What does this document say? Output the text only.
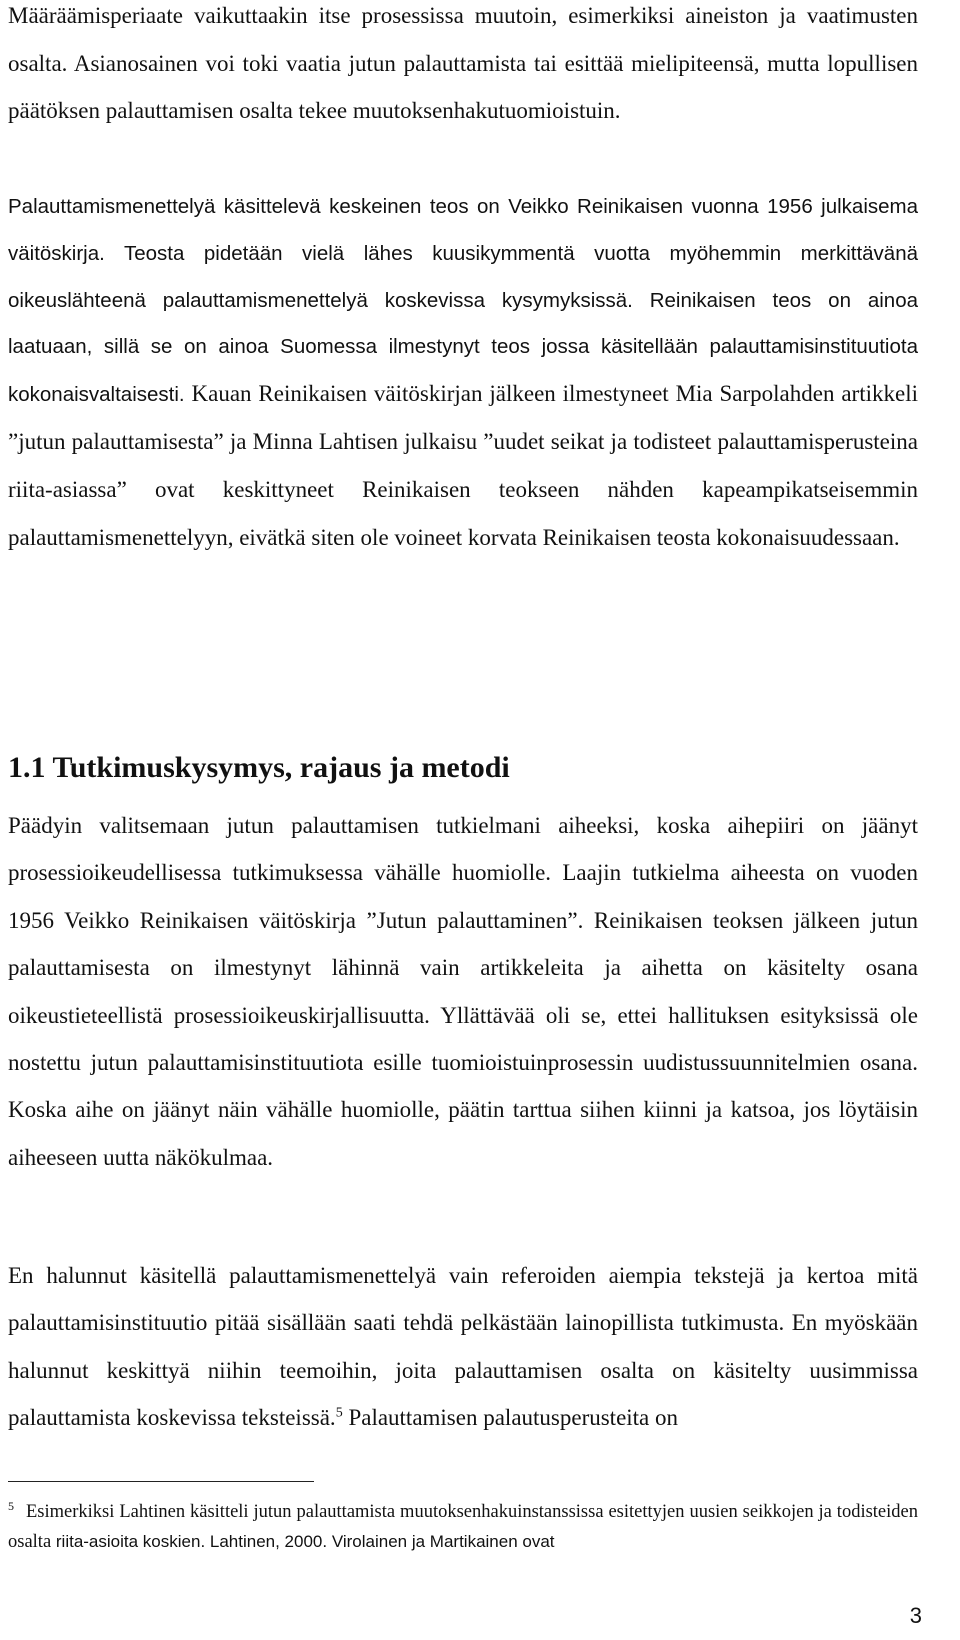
Määräämisperiaate vaikuttaakin itse prosessissa muutoin, esimerkiksi aineiston ja vaatimusten osalta. Asianosainen voi toki vaatia jutun palauttamista tai esittää mielipiteensä, mutta lopullisen päätöksen palauttamisen osalta tekee muutoksenhakutuomioistuin.

Palauttamismenettelyä käsittelevä keskeinen teos on Veikko Reinikaisen vuonna 1956 julkaisema väitöskirja. Teosta pidetään vielä lähes kuusikymmentä vuotta myöhemmin merkittävänä oikeuslähteenä palauttamismenettelyä koskevissa kysymyksissä. Reinikaisen teos on ainoa laatuaan, sillä se on ainoa Suomessa ilmestynyt teos jossa käsitellään palauttamisinstituutiota kokonaisvaltaisesti. Kauan Reinikaisen väitöskirjan jälkeen ilmestyneet Mia Sarpolahden artikkeli ”jutun palauttamisesta” ja Minna Lahtisen julkaisu ”uudet seikat ja todisteet palauttamisperusteina riita-asiassa” ovat keskittyneet Reinikaisen teokseen nähden kapeampikatseisemmin palauttamismenettelyyn, eivätkä siten ole voineet korvata Reinikaisen teosta kokonaisuudessaan.

1.1 Tutkimuskysymys, rajaus ja metodi

Päädyin valitsemaan jutun palauttamisen tutkielmani aiheeksi, koska aihepiiri on jäänyt prosessioikeudellisessa tutkimuksessa vähälle huomiolle. Laajin tutkielma aiheesta on vuoden 1956 Veikko Reinikaisen väitöskirja ”Jutun palauttaminen”. Reinikaisen teoksen jälkeen jutun palauttamisesta on ilmestynyt lähinnä vain artikkeleita ja aihetta on käsitelty osana oikeustieteellistä prosessioikeuskirjallisuutta. Yllättävää oli se, ettei hallituksen esityksissä ole nostettu jutun palauttamisinstituutiota esille tuomioistuinprosessin uudistussuunnitelmien osana. Koska aihe on jäänyt näin vähälle huomiolle, päätin tarttua siihen kiinni ja katsoa, jos löytäisin aiheeseen uutta näkökulmaa.

En halunnut käsitellä palauttamismenettelyä vain referoiden aiempia tekstejä ja kertoa mitä palauttamisinstituutio pitää sisällään saati tehdä pelkästään lainopillista tutkimusta. En myöskään halunnut keskittyä niihin teemoihin, joita palauttamisen osalta on käsitelty uusimmissa palauttamista koskevissa teksteissä.$^5$ Palauttamisen palautusperusteita on

$^5$ Esimerkiksi Lahtinen käsitteli jutun palauttamista muutoksenhakuinstanssissa esitettyjen uusien seikkojen ja todisteiden osalta riita-asioita koskien. Lahtinen, 2000. Virolainen ja Martikainen ovat

3
